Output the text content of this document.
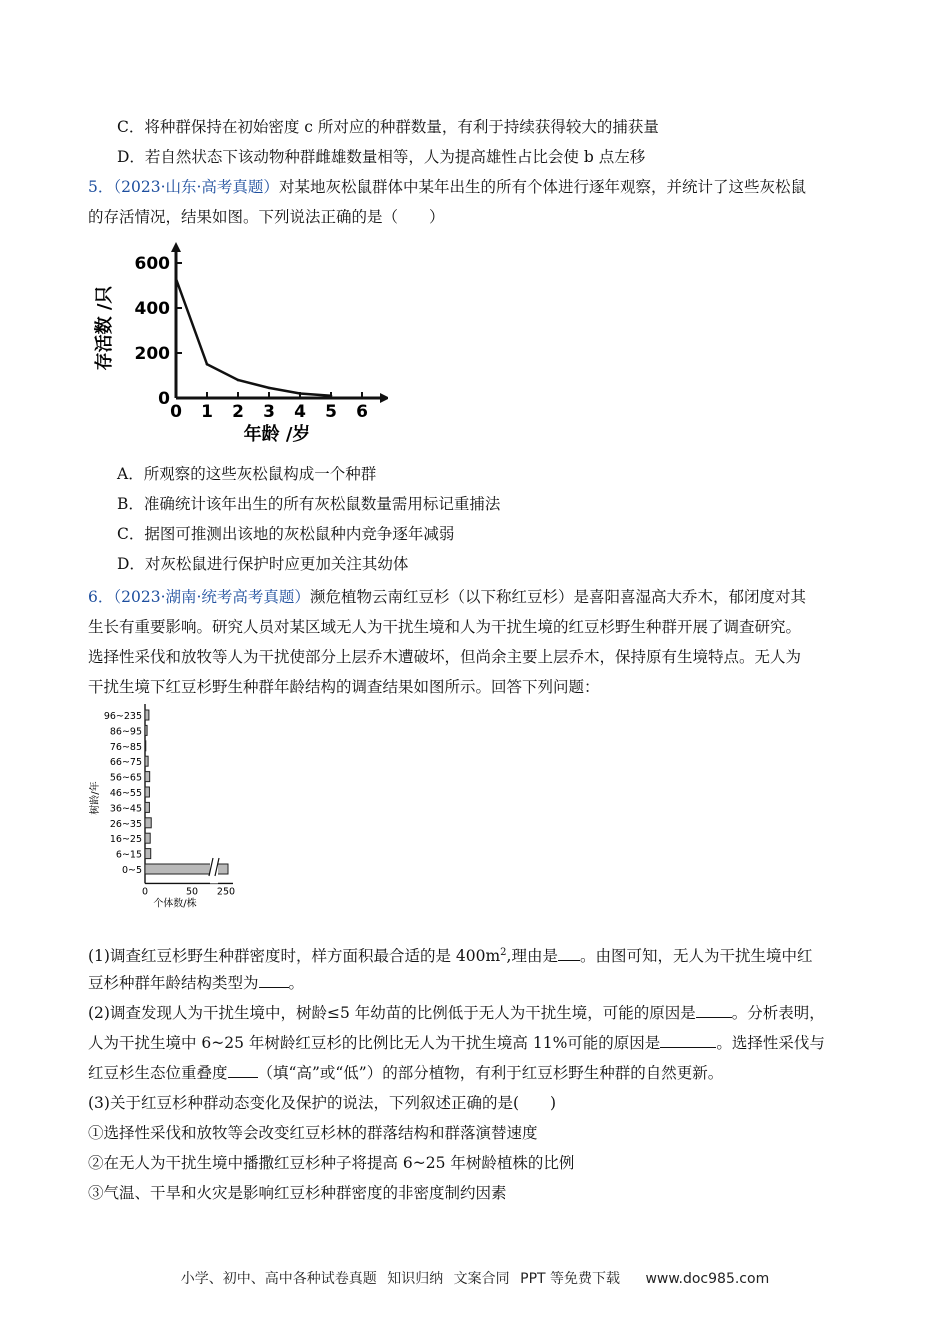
C．将种群保持在初始密度 c 所对应的种群数量，有利于持续获得较大的捕获量
D．若自然状态下该动物种群雌雄数量相等，人为提高雄性占比会使 b 点左移
5．（2023·山东·高考真题）对某地灰松鼠群体中某年出生的所有个体进行逐年观察，并统计了这些灰松鼠
的存活情况，结果如图。下列说法正确的是（　　）
0
200
400
600
0 1 2 3 4 5 6
年龄 /岁
存活数 /只
A．所观察的这些灰松鼠构成一个种群
B．准确统计该年出生的所有灰松鼠数量需用标记重捕法
C．据图可推测出该地的灰松鼠种内竞争逐年减弱
D．对灰松鼠进行保护时应更加关注其幼体
6．（2023·湖南·统考高考真题）濒危植物云南红豆杉（以下称红豆杉）是喜阳喜湿高大乔木，郁闭度对其
生长有重要影响。研究人员对某区域无人为干扰生境和人为干扰生境的红豆杉野生种群开展了调查研究。
选择性采伐和放牧等人为干扰使部分上层乔木遭破坏，但尚余主要上层乔木，保持原有生境特点。无人为
干扰生境下红豆杉野生种群年龄结构的调查结果如图所示。回答下列问题：
96~235
86~95
76~85
66~75
56~65
46~55
36~45
26~35
16~25
6~15
0~5
0	50 250
个体数/株
树龄/年
(1)调查红豆杉野生种群密度时，样方面积最合适的是 $400m^2$,理由是 。由图可知，无人为干扰生境中红
豆杉种群年龄结构类型为 。
(2)调查发现人为干扰生境中，树龄≤5 年幼苗的比例低于无人为干扰生境，可能的原因是 。分析表明，
人为干扰生境中 6~25 年树龄红豆杉的比例比无人为干扰生境高 11%可能的原因是	。选择性采伐与
红豆杉生态位重叠度 （填“高”或“低”）的部分植物，有利于红豆杉野生种群的自然更新。
(3)关于红豆杉种群动态变化及保护的说法，下列叙述正确的是(　　)
①选择性采伐和放牧等会改变红豆杉林的群落结构和群落演替速度
②在无人为干扰生境中播撒红豆杉种子将提高 6~25 年树龄植株的比例
③气温、干旱和火灾是影响红豆杉种群密度的非密度制约因素
小学、初中、高中各种试卷真题 知识归纳 文案合同 PPT 等免费下载 www.doc985.com
